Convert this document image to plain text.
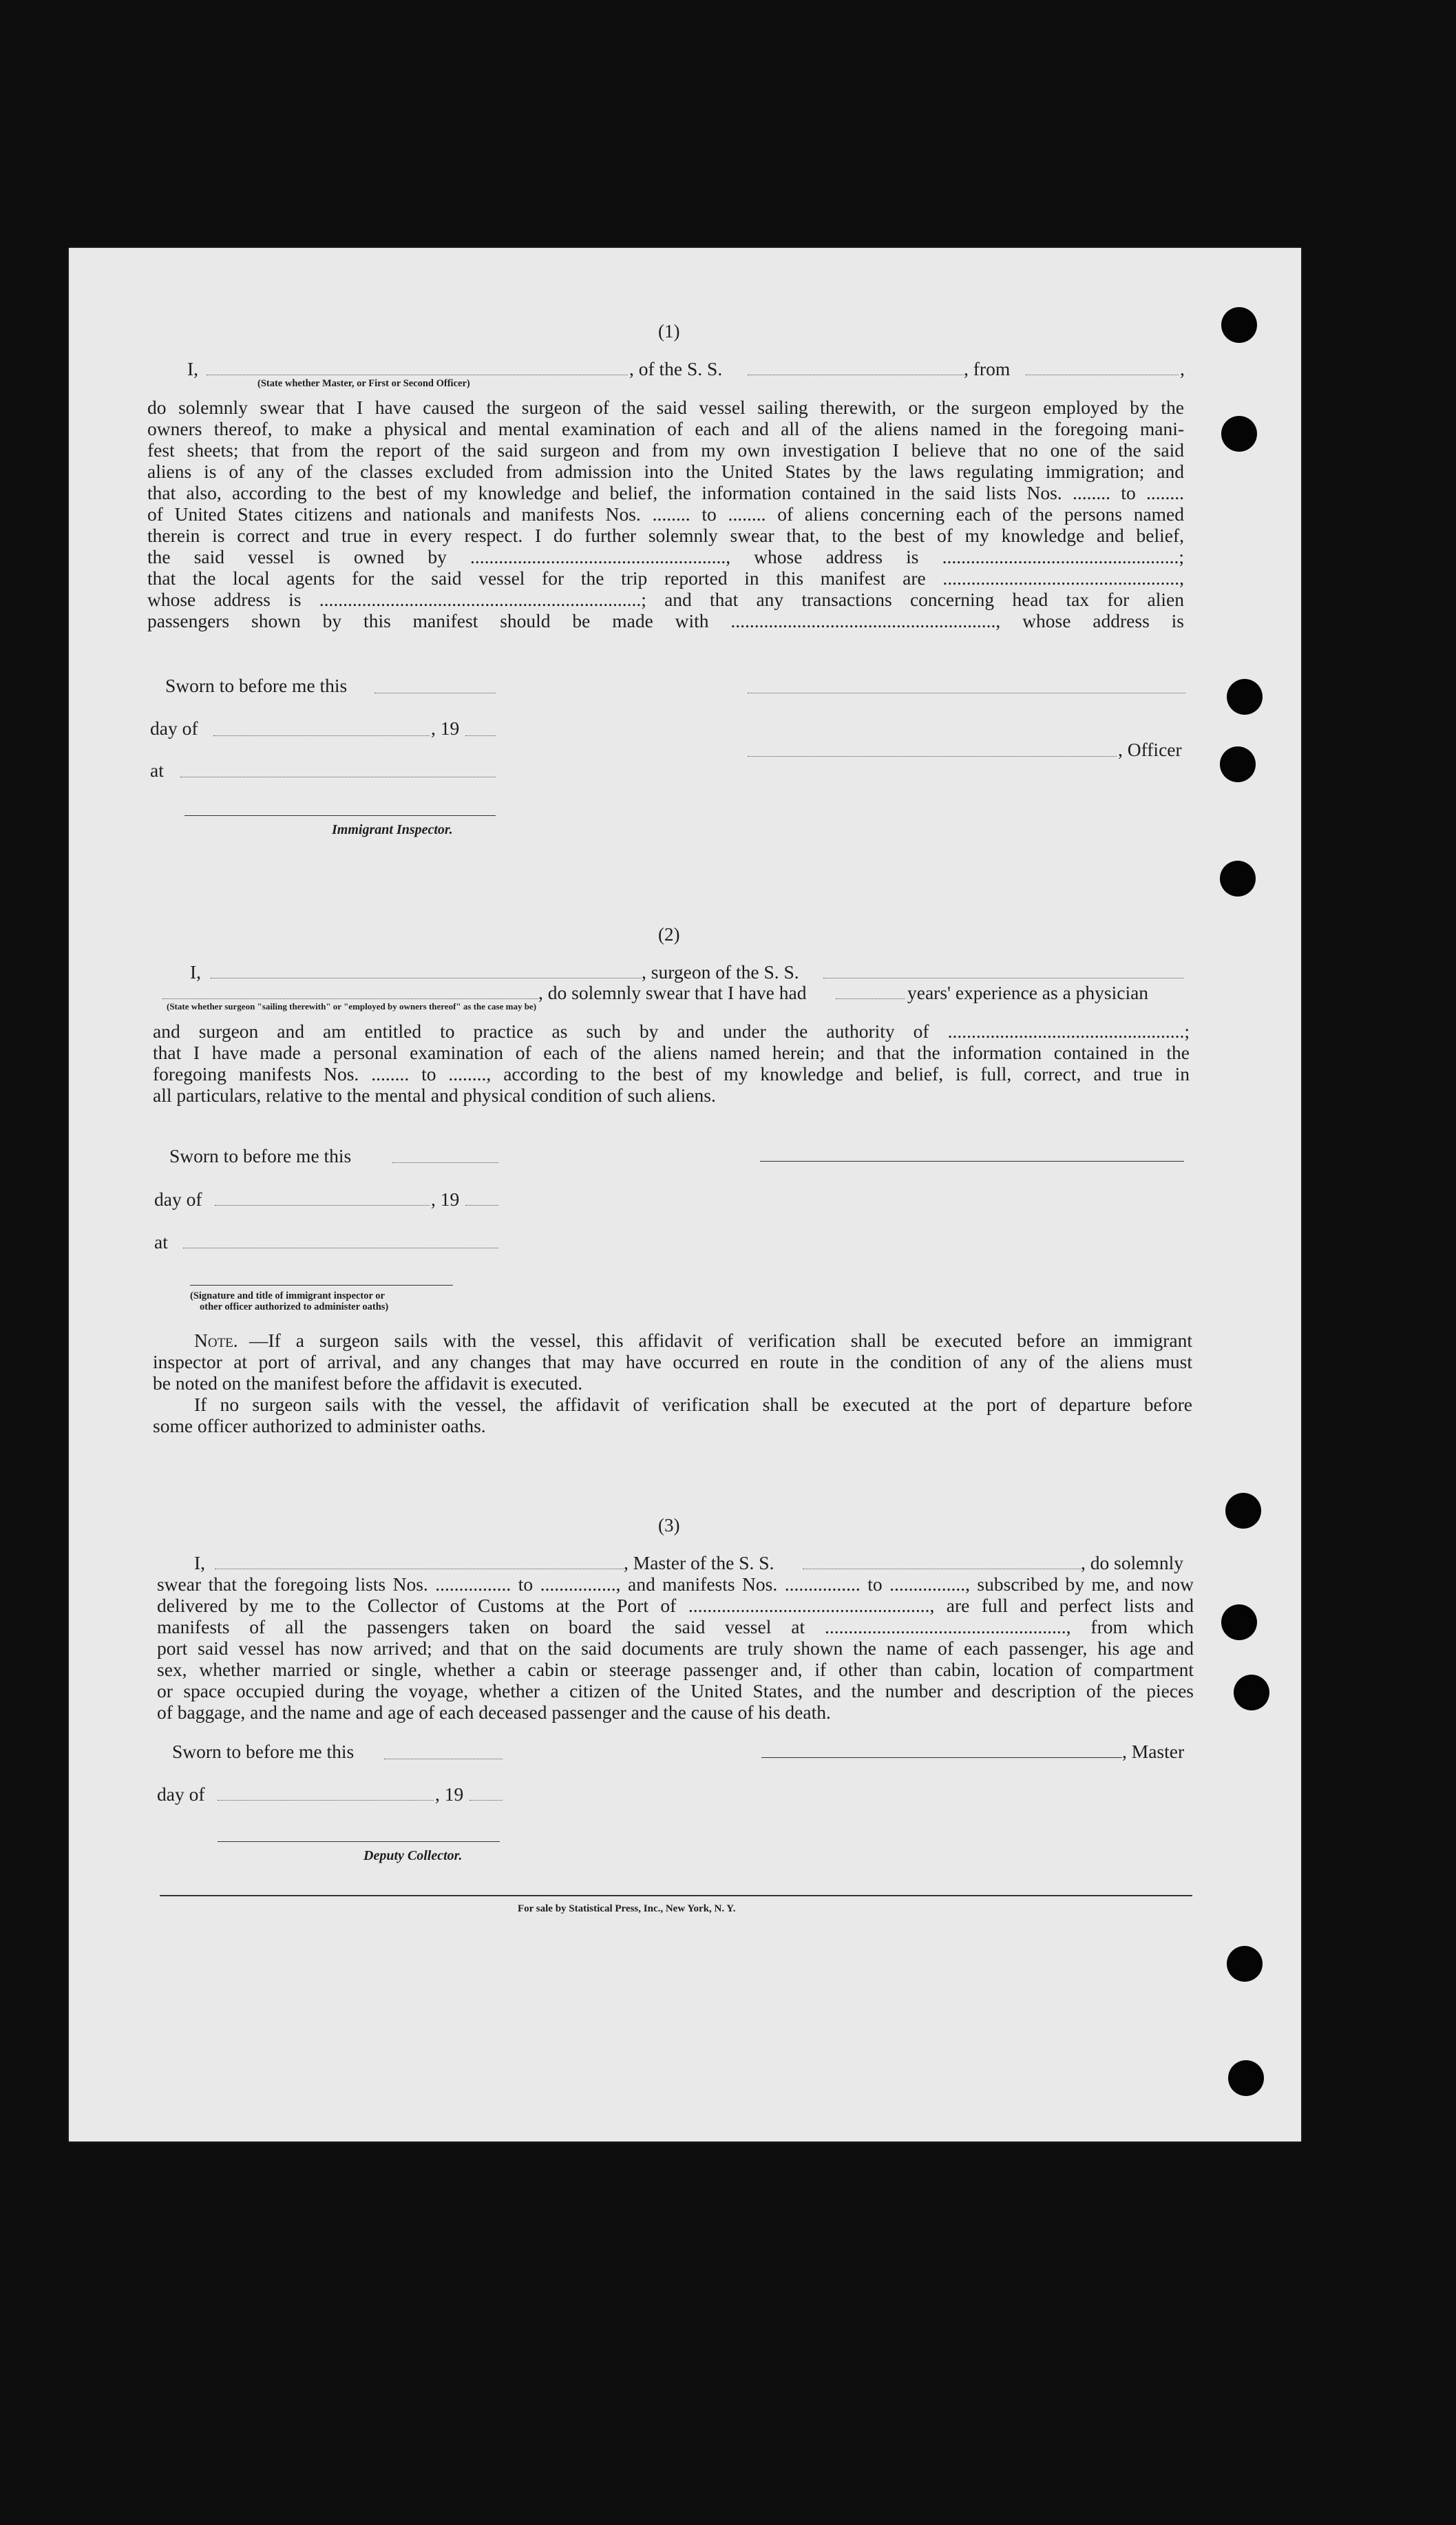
(1)
I,	, of the S. S.	, from	,
(State whether Master, or First or Second Officer)
do solemnly swear that I have caused the surgeon of the said vessel sailing therewith, or the surgeon employed by the
owners thereof, to make a physical and mental examination of each and all of the aliens named in the foregoing mani-
fest sheets; that from the report of the said surgeon and from my own investigation I believe that no one of the said
aliens is of any of the classes excluded from admission into the United States by the laws regulating immigration; and
that also, according to the best of my knowledge and belief, the information contained in the said lists Nos. ........ to ........
of United States citizens and nationals and manifests Nos. ........ to ........ of aliens concerning each of the persons named
therein is correct and true in every respect. I do further solemnly swear that, to the best of my knowledge and belief,
the said vessel is owned by ......................................................, whose address is ..................................................;
that the local agents for the said vessel for the trip reported in this manifest are ..................................................,
whose address is ....................................................................; and that any transactions concerning head tax for alien
passengers shown by this manifest should be made with ........................................................, whose address is
Sworn to before me this
day of	, 19
, Officer
at
Immigrant Inspector.
(2)
I,	, surgeon of the S. S.
, do solemnly swear that I have had	years' experience as a physician
(State whether surgeon "sailing therewith" or "employed by owners thereof" as the case may be)
and surgeon and am entitled to practice as such by and under the authority of ..................................................;
that I have made a personal examination of each of the aliens named herein; and that the information contained in the
foregoing manifests Nos. ........ to ........, according to the best of my knowledge and belief, is full, correct, and true in
all particulars, relative to the mental and physical condition of such aliens.
Sworn to before me this
day of	, 19
at
(Signature and title of immigrant inspector or
other officer authorized to administer oaths)
Note. —If a surgeon sails with the vessel, this affidavit of verification shall be executed before an immigrant
inspector at port of arrival, and any changes that may have occurred en route in the condition of any of the aliens must
be noted on the manifest before the affidavit is executed.
If no surgeon sails with the vessel, the affidavit of verification shall be executed at the port of departure before
some officer authorized to administer oaths.
(3)
I,	, Master of the S. S.	, do solemnly
swear that the foregoing lists Nos. ................ to ................, and manifests Nos. ................ to ................, subscribed by me, and now
delivered by me to the Collector of Customs at the Port of ..................................................., are full and perfect lists and
manifests of all the passengers taken on board the said vessel at ..................................................., from which
port said vessel has now arrived; and that on the said documents are truly shown the name of each passenger, his age and
sex, whether married or single, whether a cabin or steerage passenger and, if other than cabin, location of compartment
or space occupied during the voyage, whether a citizen of the United States, and the number and description of the pieces
of baggage, and the name and age of each deceased passenger and the cause of his death.
Sworn to before me this	, Master
day of	, 19
Deputy Collector.
For sale by Statistical Press, Inc., New York, N. Y.
